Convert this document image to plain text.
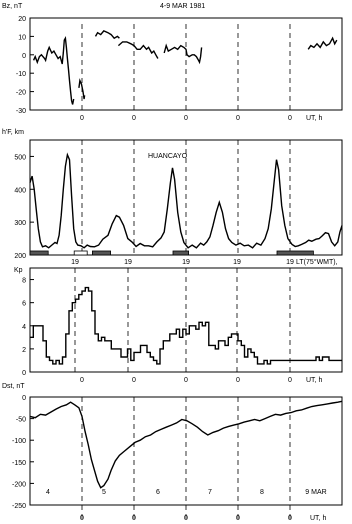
20
10
0
-10
-20
-30
Bz, nT	4-9 MAR 1981
0	0	0	0	0 UT, h
500
400
300
200
h'F, km
HUANCAYO
8
6
4
2
0
Kp
19	19	19	19	19 LT(75°WMT),
0	0	0	0	0 UT, h
0
-50
-100
-150
-200
-250
Dst, nT
4	5	6	7	8	9 MAR
0	0	0	0	0	UT, h
